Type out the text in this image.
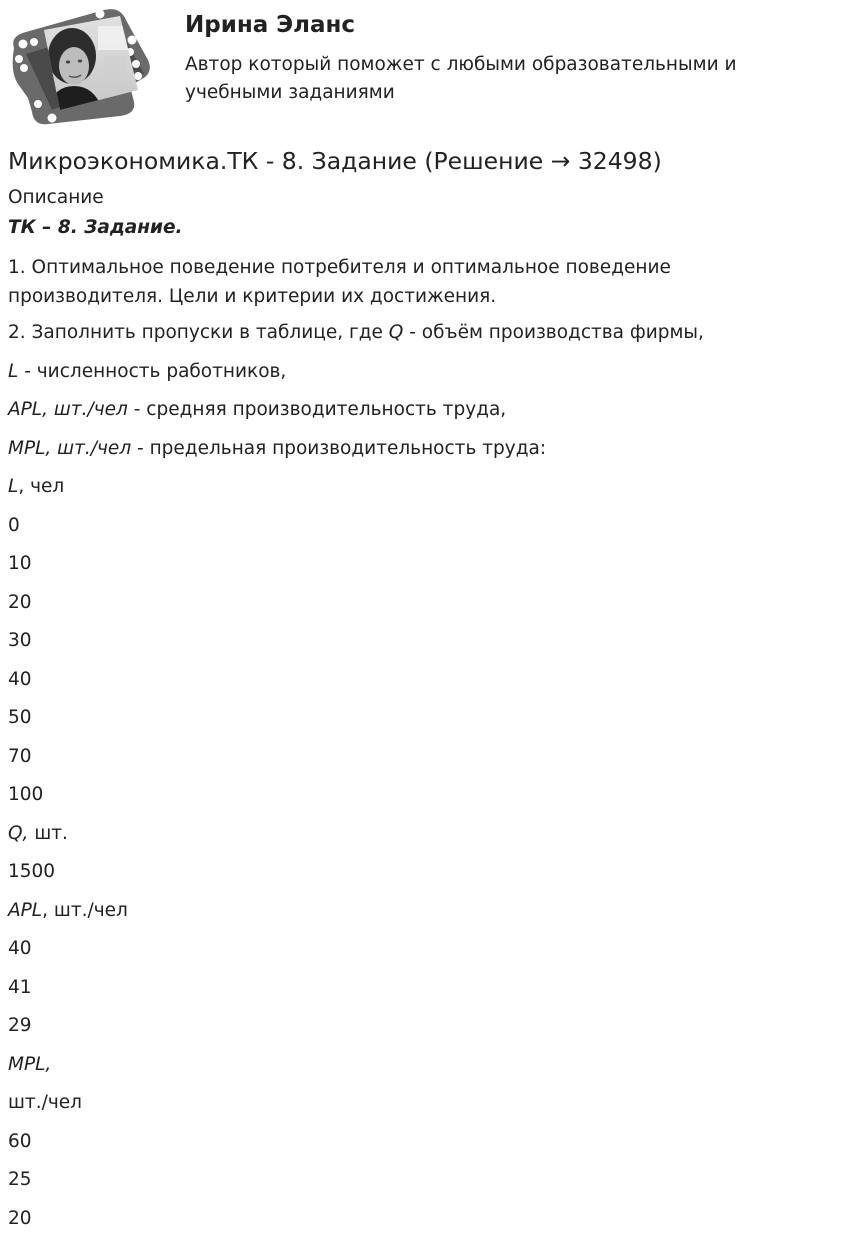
Ирина Эланс
Автор который поможет с любыми образовательными и учебными заданиями
Микроэкономика.ТК - 8. Задание (Решение → 32498)
Описание
ТК – 8. Задание.
1. Оптимальное поведение потребителя и оптимальное поведение производителя. Цели и критерии их достижения.
2. Заполнить пропуски в таблице, где Q - объём производства фирмы,
L - численность работников,
APL, шт./чел - средняя производительность труда,
MPL, шт./чел - предельная производительность труда:
L, чел
0
10
20
30
40
50
70
100
Q, шт.
1500
APL, шт./чел
40
41
29
MPL,
шт./чел
60
25
20
